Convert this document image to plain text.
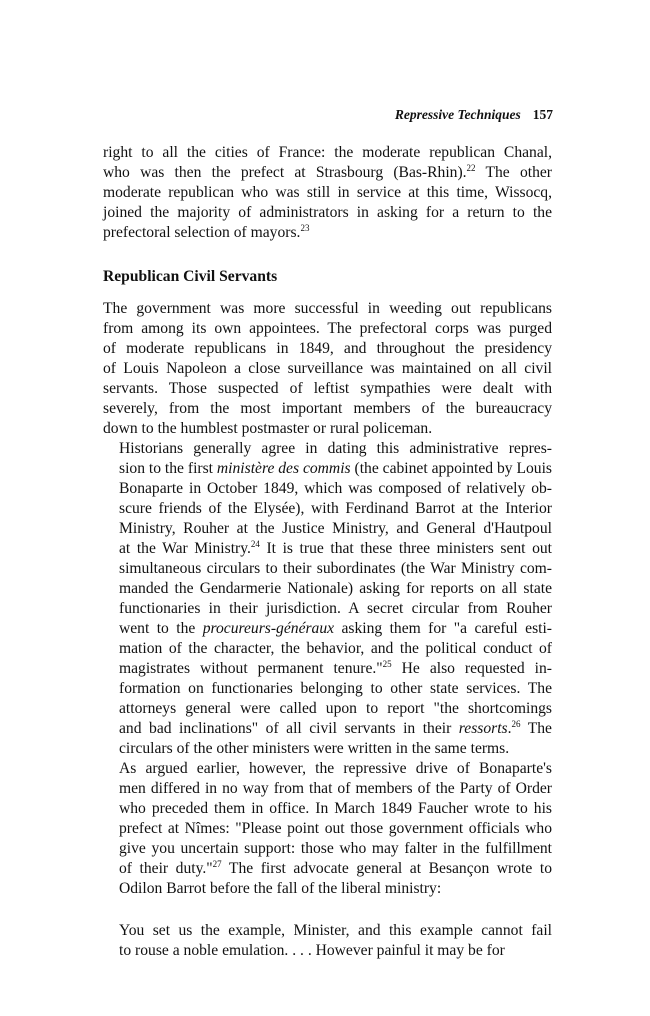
Repressive Techniques 157

right to all the cities of France: the moderate republican Chanal,
who was then the prefect at Strasbourg (Bas-Rhin).$^{22}$ The other
moderate republican who was still in service at this time, Wissocq,
joined the majority of administrators in asking for a return to the
prefectoral selection of mayors.$^{23}$

Republican Civil Servants

The government was more successful in weeding out republicans
from among its own appointees. The prefectoral corps was purged
of moderate republicans in 1849, and throughout the presidency
of Louis Napoleon a close surveillance was maintained on all civil
servants. Those suspected of leftist sympathies were dealt with
severely, from the most important members of the bureaucracy
down to the humblest postmaster or rural policeman.

Historians generally agree in dating this administrative repres-
sion to the first ministère des commis (the cabinet appointed by Louis
Bonaparte in October 1849, which was composed of relatively ob-
scure friends of the Elysée), with Ferdinand Barrot at the Interior
Ministry, Rouher at the Justice Ministry, and General d'Hautpoul
at the War Ministry.$^{24}$ It is true that these three ministers sent out
simultaneous circulars to their subordinates (the War Ministry com-
manded the Gendarmerie Nationale) asking for reports on all state
functionaries in their jurisdiction. A secret circular from Rouher
went to the procureurs-généraux asking them for "a careful esti-
mation of the character, the behavior, and the political conduct of
magistrates without permanent tenure."$^{25}$ He also requested in-
formation on functionaries belonging to other state services. The
attorneys general were called upon to report "the shortcomings
and bad inclinations" of all civil servants in their ressorts.$^{26}$ The
circulars of the other ministers were written in the same terms.

As argued earlier, however, the repressive drive of Bonaparte's
men differed in no way from that of members of the Party of Order
who preceded them in office. In March 1849 Faucher wrote to his
prefect at Nîmes: "Please point out those government officials who
give you uncertain support: those who may falter in the fulfillment
of their duty."$^{27}$ The first advocate general at Besançon wrote to
Odilon Barrot before the fall of the liberal ministry:

You set us the example, Minister, and this example cannot fail
to rouse a noble emulation. . . . However painful it may be for
